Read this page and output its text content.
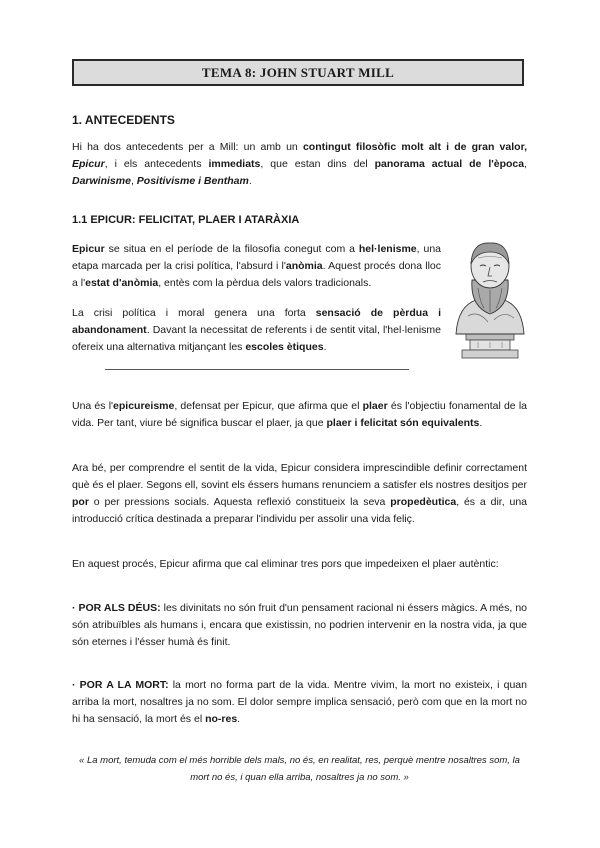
TEMA 8: JOHN STUART MILL
1. ANTECEDENTS

Hi ha dos antecedents per a Mill: un amb un contingut filosòfic molt alt i de gran valor, Epicur, i els antecedents immediats, que estan dins del panorama actual de l'època, Darwinisme, Positivisme i Bentham.

1.1 EPICUR: FELICITAT, PLAER I ATARÀXIA

Epicur se situa en el període de la filosofia conegut com a hel·lenisme, una etapa marcada per la crisi política, l'absurd i l'anòmia. Aquest procés dona lloc a l'estat d'anòmia, entès com la pèrdua dels valors tradicionals.

La crisi política i moral genera una forta sensació de pèrdua i abandonament. Davant la necessitat de referents i de sentit vital, l'hel·lenisme ofereix una alternativa mitjançant les escoles ètiques.

Una és l'epicureisme, defensat per Epicur, que afirma que el plaer és l'objectiu fonamental de la vida. Per tant, viure bé significa buscar el plaer, ja que plaer i felicitat són equivalents.

Ara bé, per comprendre el sentit de la vida, Epicur considera imprescindible definir correctament què és el plaer. Segons ell, sovint els éssers humans renunciem a satisfer els nostres desitjos per por o per pressions socials. Aquesta reflexió constitueix la seva propedèutica, és a dir, una introducció crítica destinada a preparar l'individu per assolir una vida feliç.

En aquest procés, Epicur afirma que cal eliminar tres pors que impedeixen el plaer autèntic:

· POR ALS DÉUS: les divinitats no són fruit d'un pensament racional ni éssers màgics. A més, no són atribuïbles als humans i, encara que existissin, no podrien intervenir en la nostra vida, ja que són eternes i l'ésser humà és finit.

· POR A LA MORT: la mort no forma part de la vida. Mentre vivim, la mort no existeix, i quan arriba la mort, nosaltres ja no som. El dolor sempre implica sensació, però com que en la mort no hi ha sensació, la mort és el no-res.

« La mort, temuda com el més horrible dels mals, no és, en realitat, res, perquè mentre nosaltres som, la mort no és, i quan ella arriba, nosaltres ja no som. »
